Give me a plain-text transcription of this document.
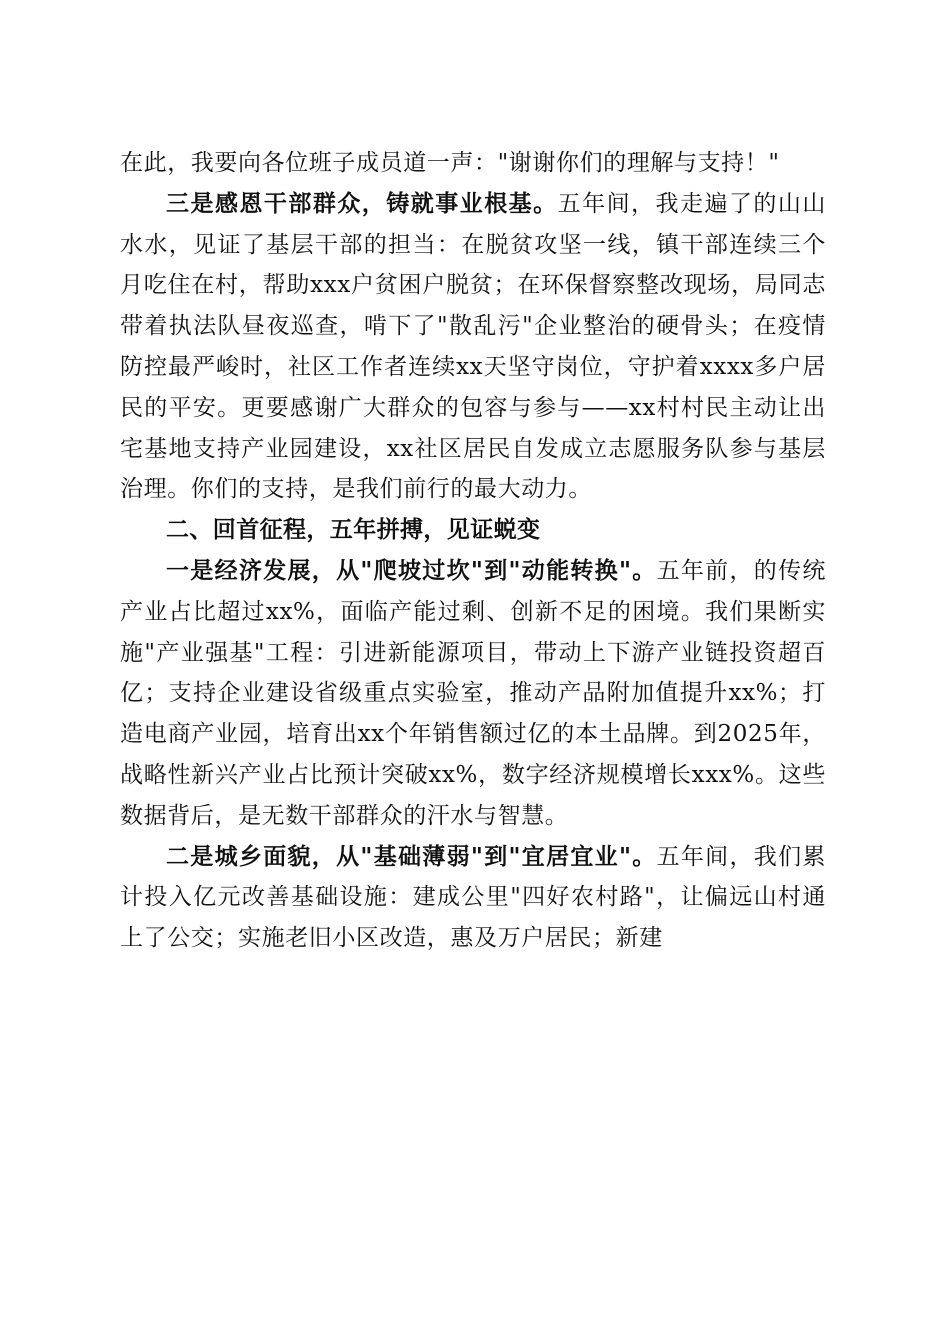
在此，我要向各位班子成员道一声："谢谢你们的理解与支持！"

三是感恩干部群众，铸就事业根基。五年间，我走遍了的山山水水，见证了基层干部的担当：在脱贫攻坚一线，镇干部连续三个月吃住在村，帮助xxx户贫困户脱贫；在环保督察整改现场，局同志带着执法队昼夜巡查，啃下了"散乱污"企业整治的硬骨头；在疫情防控最严峻时，社区工作者连续xx天坚守岗位，守护着xxxx多户居民的平安。更要感谢广大群众的包容与参与——xx村村民主动让出宅基地支持产业园建设，xx社区居民自发成立志愿服务队参与基层治理。你们的支持，是我们前行的最大动力。

二、回首征程，五年拼搏，见证蜕变

一是经济发展，从"爬坡过坎"到"动能转换"。五年前，的传统产业占比超过xx%，面临产能过剩、创新不足的困境。我们果断实施"产业强基"工程：引进新能源项目，带动上下游产业链投资超百亿；支持企业建设省级重点实验室，推动产品附加值提升xx%；打造电商产业园，培育出xx个年销售额过亿的本土品牌。到2025年，战略性新兴产业占比预计突破xx%，数字经济规模增长xxx%。这些数据背后，是无数干部群众的汗水与智慧。

二是城乡面貌，从"基础薄弱"到"宜居宜业"。五年间，我们累计投入亿元改善基础设施：建成公里"四好农村路"，让偏远山村通上了公交；实施老旧小区改造，惠及万户居民；新建
